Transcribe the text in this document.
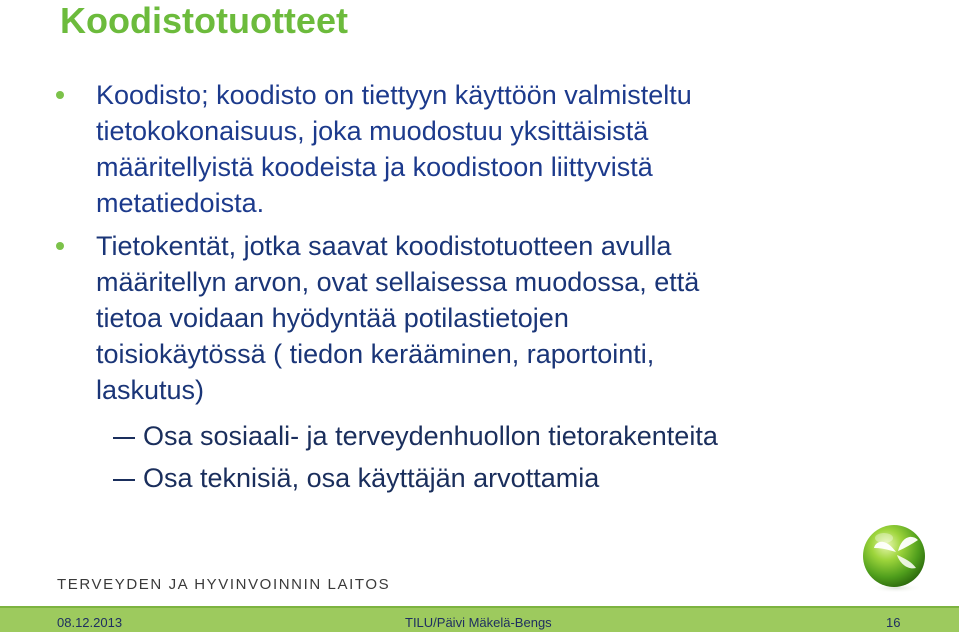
Koodistotuotteet
Koodisto; koodisto on tiettyyn käyttöön valmisteltu
tietokokonaisuus, joka muodostuu yksittäisistä
määritellyistä koodeista ja koodistoon liittyvistä
metatiedoista.
Tietokentät, jotka saavat koodistotuotteen avulla
määritellyn arvon, ovat sellaisessa muodossa, että
tietoa voidaan hyödyntää potilastietojen
toisiokäytössä ( tiedon kerääminen, raportointi,
laskutus)
Osa sosiaali- ja terveydenhuollon tietorakenteita
Osa teknisiä, osa käyttäjän arvottamia
TERVEYDEN JA HYVINVOINNIN LAITOS
08.12.2013	TILU/Päivi Mäkelä-Bengs	16
